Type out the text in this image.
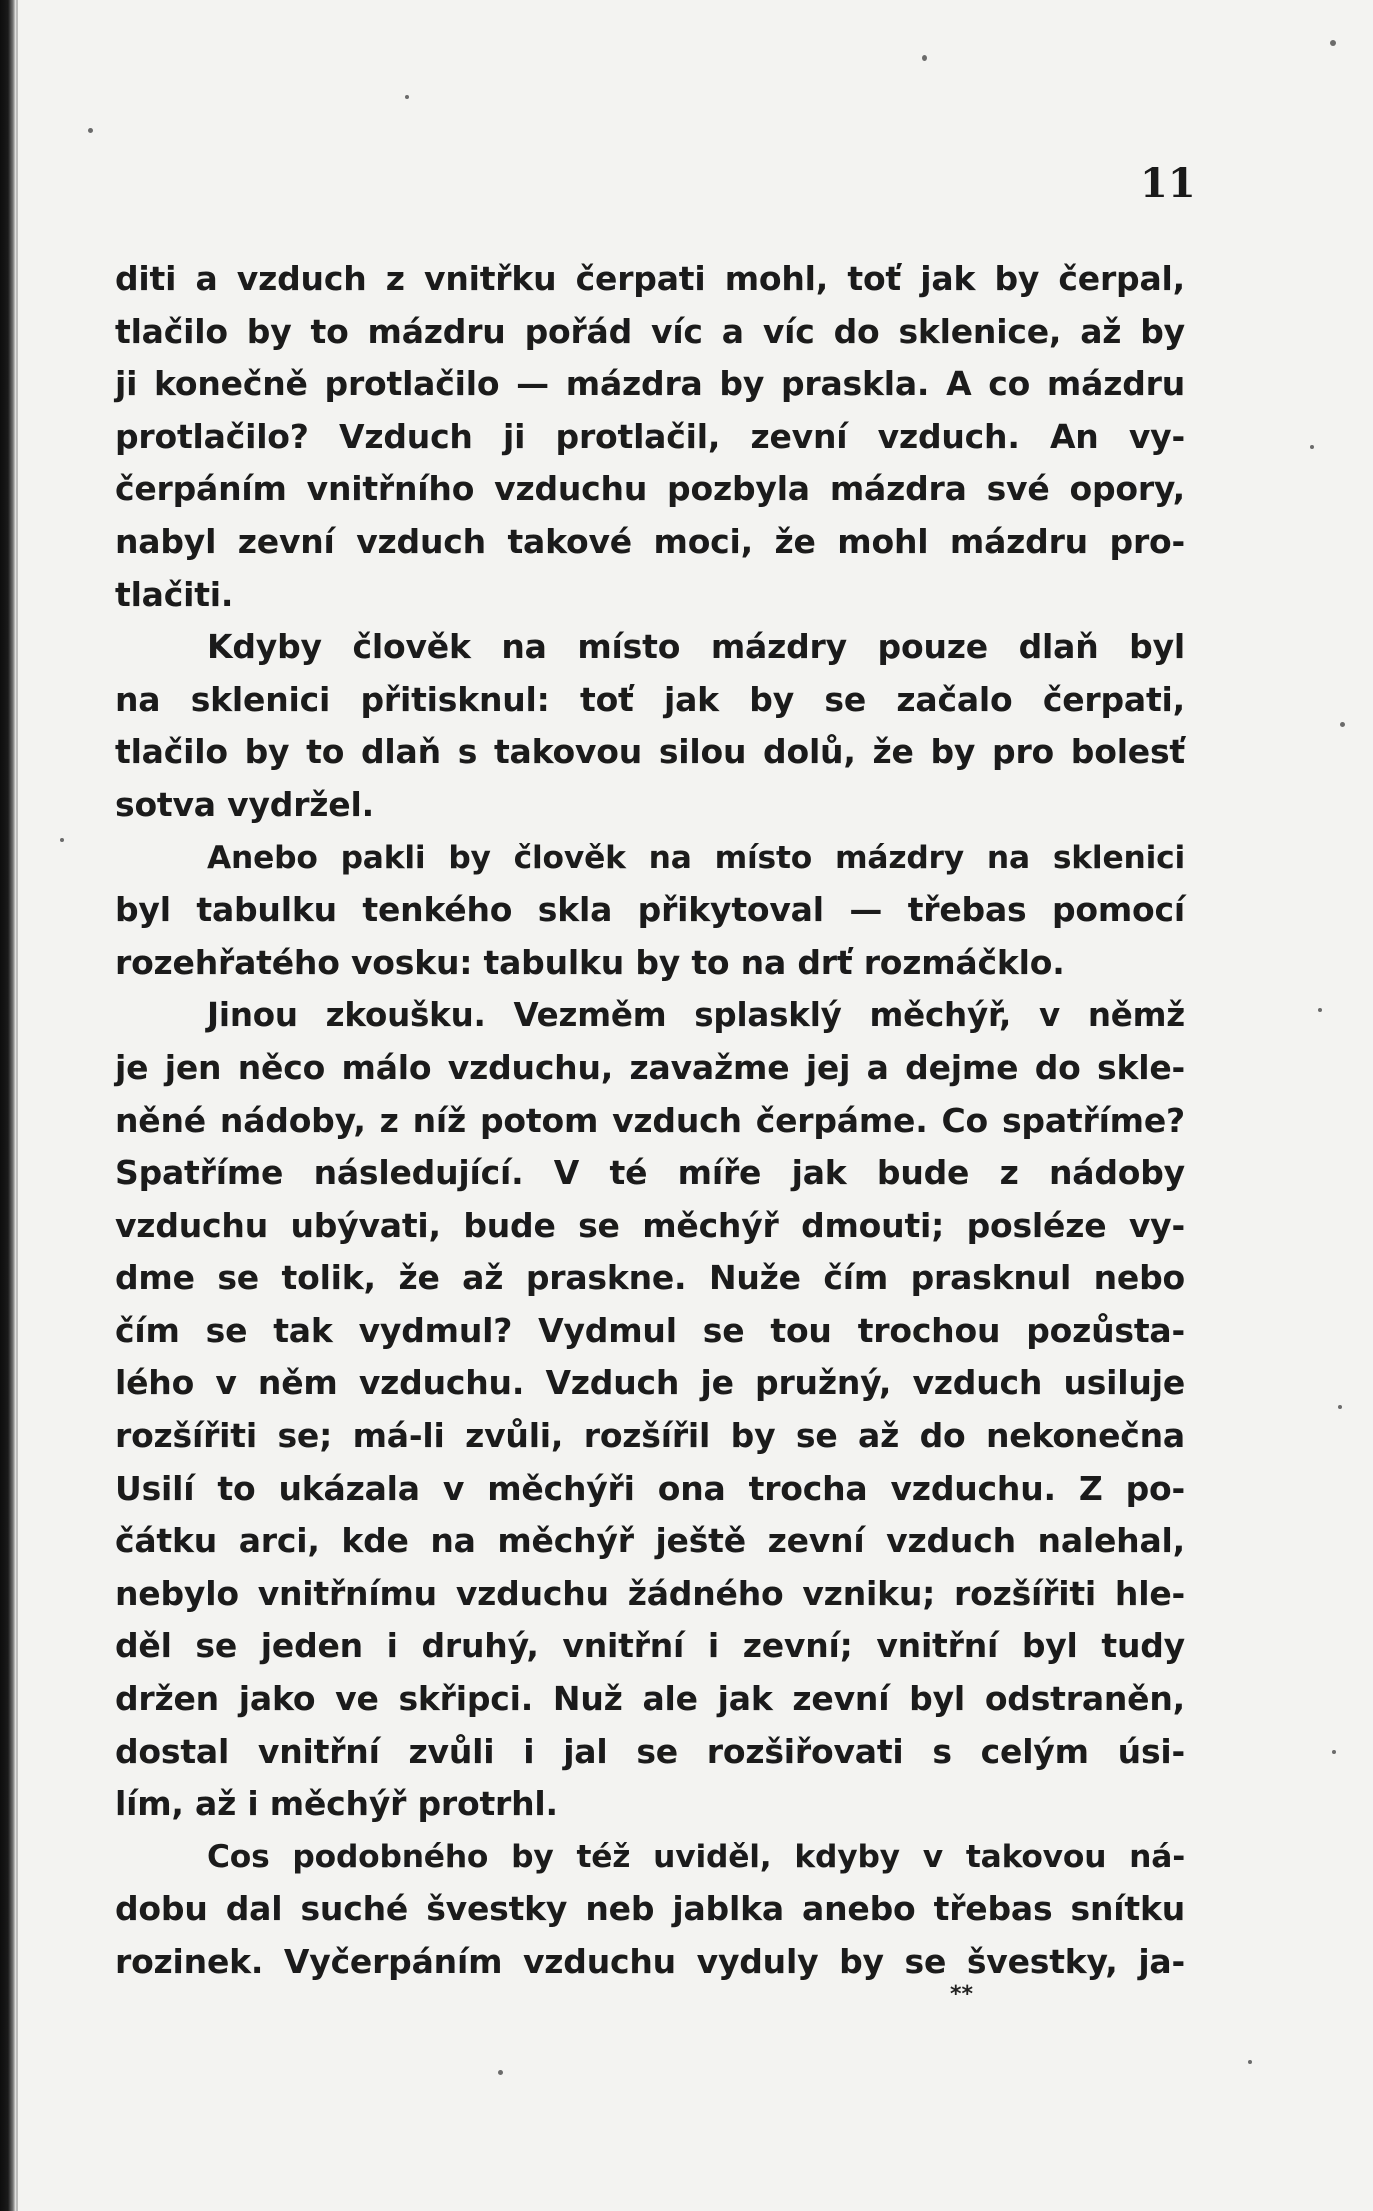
11
diti a vzduch z vnitřku čerpati mohl, toť jak by čerpal,
tlačilo by to mázdru pořád víc a víc do sklenice, až by
ji konečně protlačilo — mázdra by praskla. A co mázdru
protlačilo? Vzduch ji protlačil, zevní vzduch. An vy-
čerpáním vnitřního vzduchu pozbyla mázdra své opory,
nabyl zevní vzduch takové moci, že mohl mázdru pro-
tlačiti.
Kdyby člověk na místo mázdry pouze dlaň byl
na sklenici přitisknul: toť jak by se začalo čerpati,
tlačilo by to dlaň s takovou silou dolů, že by pro bolesť
sotva vydržel.
Anebo pakli by člověk na místo mázdry na sklenici
byl tabulku tenkého skla přikytoval — třebas pomocí
rozehřatého vosku: tabulku by to na drť rozmáčklo.
Jinou zkoušku. Vezměm splasklý měchýř, v němž
je jen něco málo vzduchu, zavažme jej a dejme do skle-
něné nádoby, z níž potom vzduch čerpáme. Co spatříme?
Spatříme následující. V té míře jak bude z nádoby
vzduchu ubývati, bude se měchýř dmouti; posléze vy-
dme se tolik, že až praskne. Nuže čím prasknul nebo
čím se tak vydmul? Vydmul se tou trochou pozůsta-
lého v něm vzduchu. Vzduch je pružný, vzduch usiluje
rozšířiti se; má-li zvůli, rozšířil by se až do nekonečna
Usilí to ukázala v měchýři ona trocha vzduchu. Z po-
čátku arci, kde na měchýř ještě zevní vzduch nalehal,
nebylo vnitřnímu vzduchu žádného vzniku; rozšířiti hle-
děl se jeden i druhý, vnitřní i zevní; vnitřní byl tudy
držen jako ve skřipci. Nuž ale jak zevní byl odstraněn,
dostal vnitřní zvůli i jal se rozšiřovati s celým úsi-
lím, až i měchýř protrhl.
Cos podobného by též uviděl, kdyby v takovou ná-
dobu dal suché švestky neb jablka anebo třebas snítku
rozinek. Vyčerpáním vzduchu vyduly by se švestky, ja-
**
